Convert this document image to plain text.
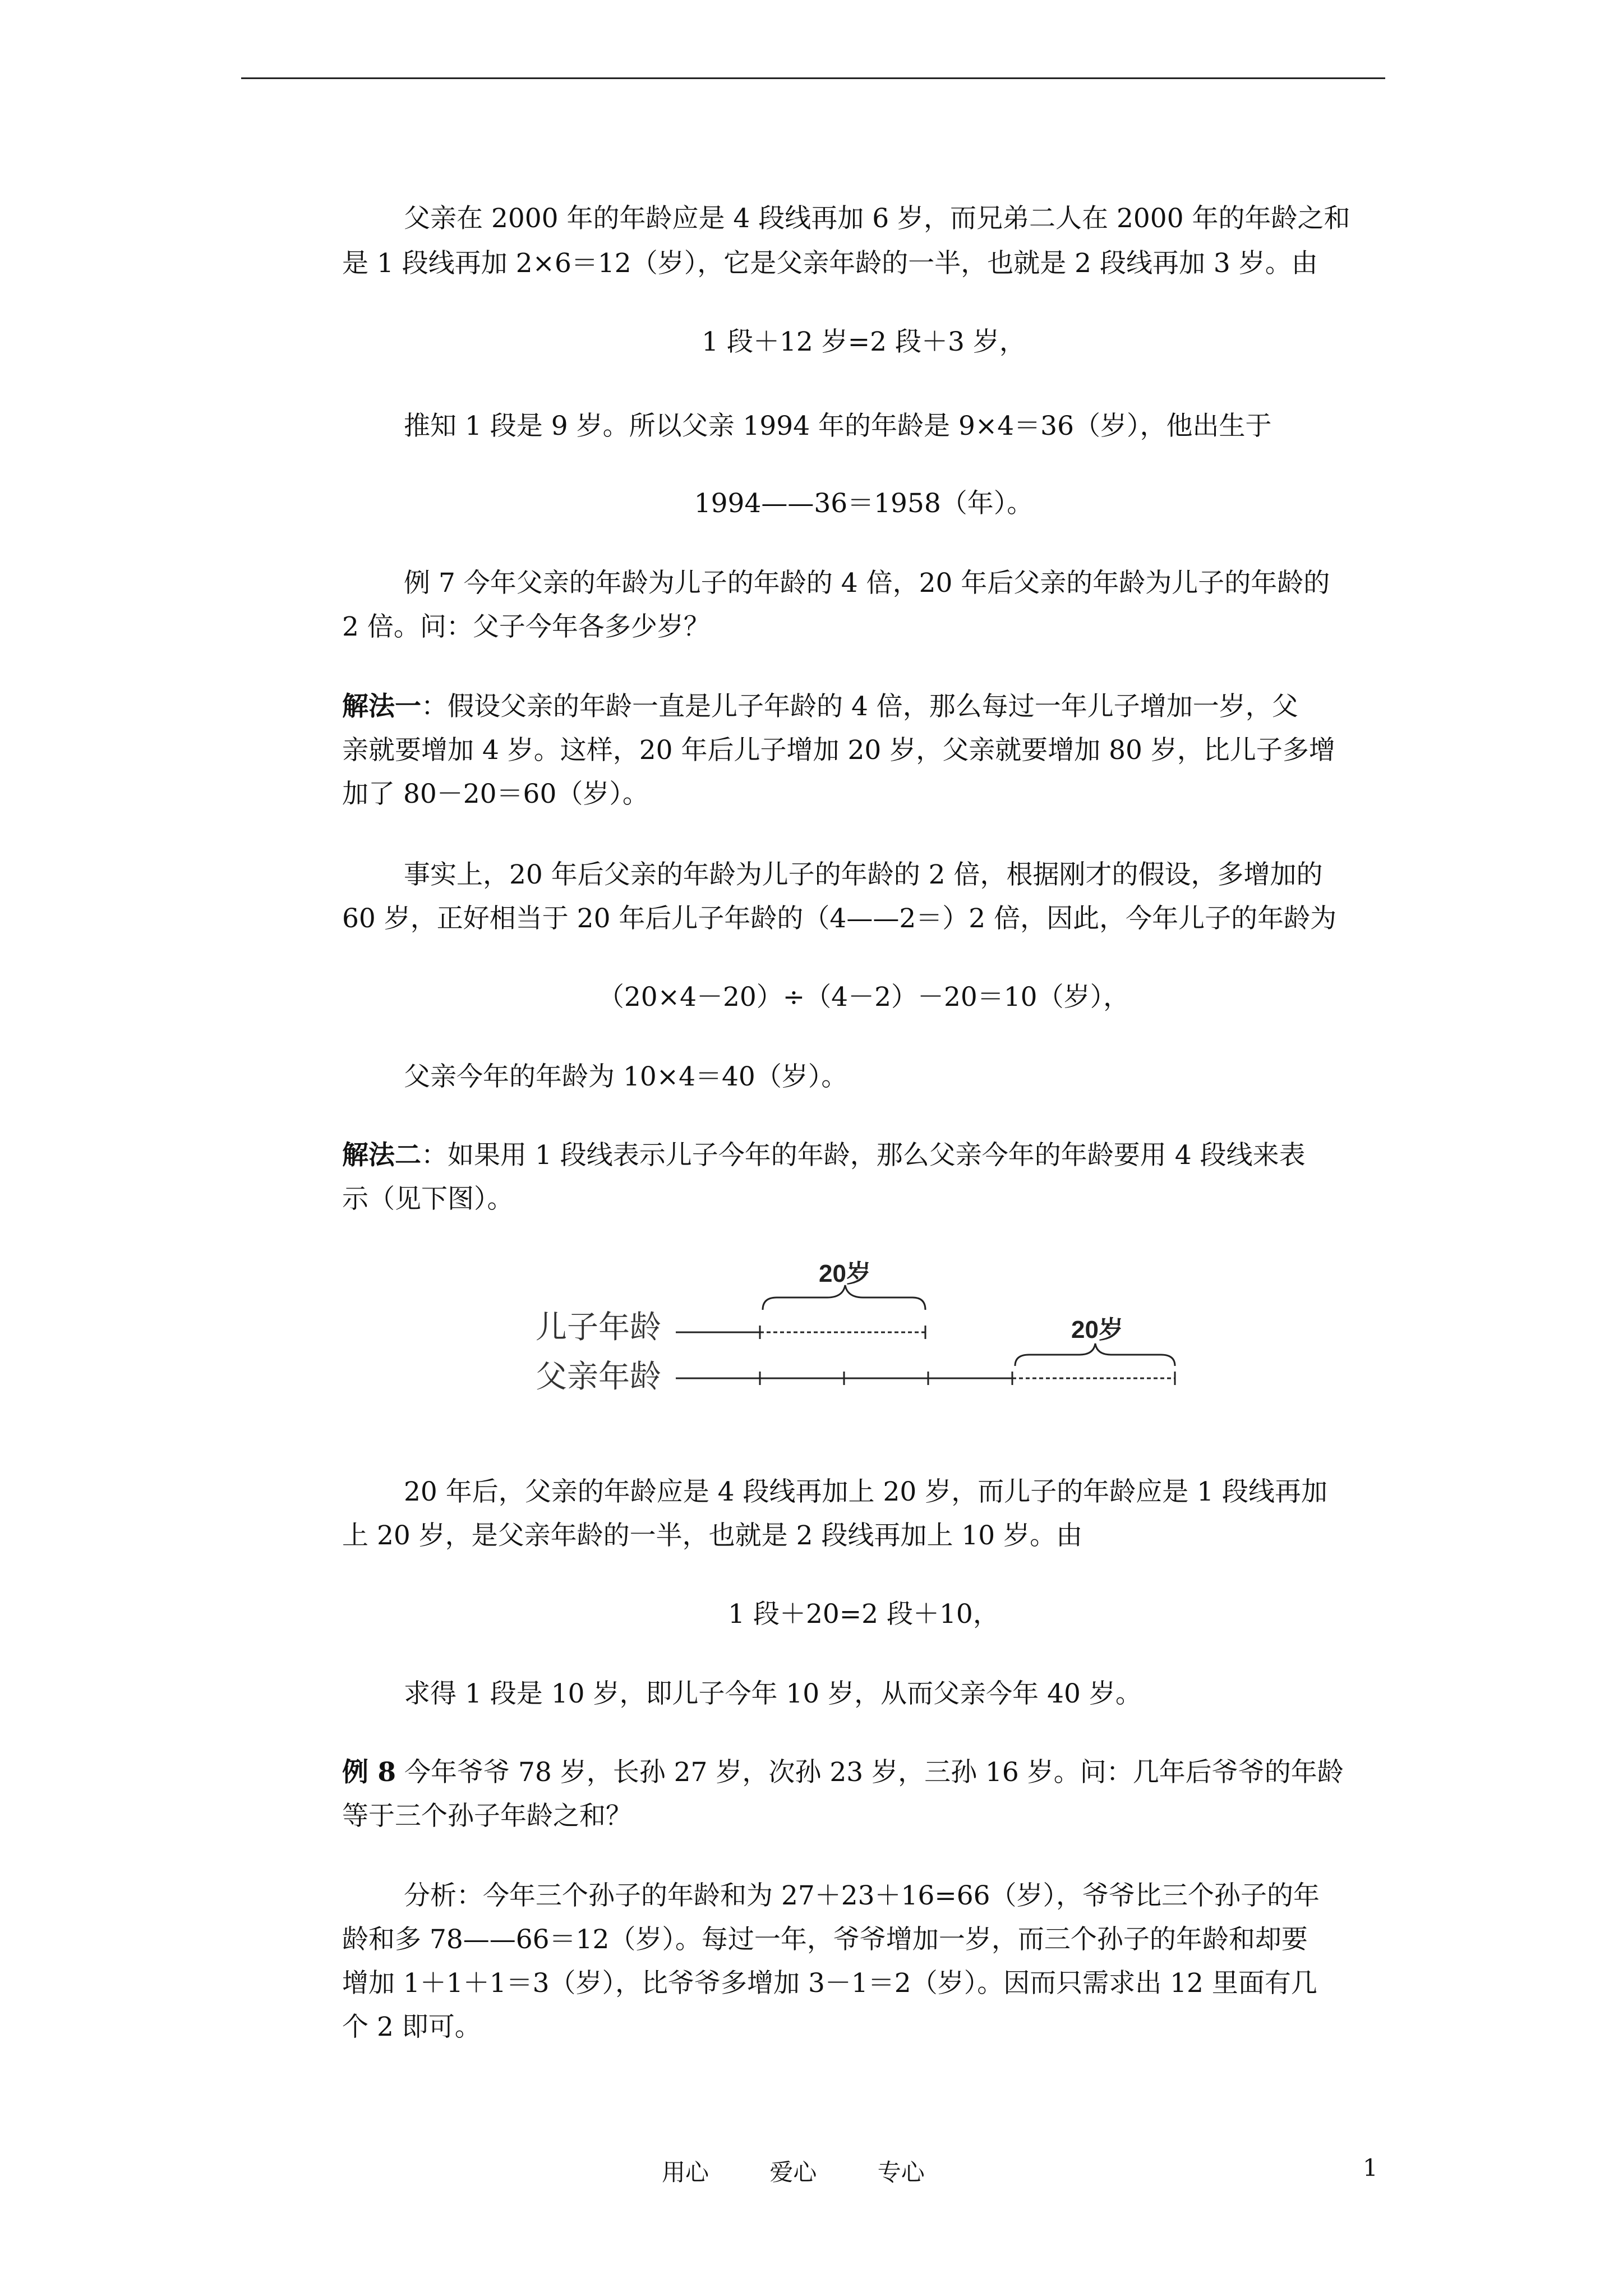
父亲在 2000 年的年龄应是 4 段线再加 6 岁，而兄弟二人在 2000 年的年龄之和

是 1 段线再加 2×6＝12（岁），它是父亲年龄的一半，也就是 2 段线再加 3 岁。由

1 段＋12 岁=2 段＋3 岁，

推知 1 段是 9 岁。所以父亲 1994 年的年龄是 9×4＝36（岁），他出生于

1994——36＝1958（年）。

例 7 今年父亲的年龄为儿子的年龄的 4 倍，20 年后父亲的年龄为儿子的年龄的

2 倍。问：父子今年各多少岁？

解法一：假设父亲的年龄一直是儿子年龄的 4 倍，那么每过一年儿子增加一岁，父

亲就要增加 4 岁。这样，20 年后儿子增加 20 岁，父亲就要增加 80 岁，比儿子多增

加了 80－20＝60（岁）。

事实上，20 年后父亲的年龄为儿子的年龄的 2 倍，根据刚才的假设，多增加的

60 岁，正好相当于 20 年后儿子年龄的（4——2＝）2 倍，因此，今年儿子的年龄为

（20×4－20）÷（4－2）－20＝10（岁），

父亲今年的年龄为 10×4＝40（岁）。

解法二：如果用 1 段线表示儿子今年的年龄，那么父亲今年的年龄要用 4 段线来表

示（见下图）。

儿子年龄
父亲年龄
20岁
20岁

20 年后，父亲的年龄应是 4 段线再加上 20 岁，而儿子的年龄应是 1 段线再加

上 20 岁，是父亲年龄的一半，也就是 2 段线再加上 10 岁。由

1 段＋20=2 段＋10，

求得 1 段是 10 岁，即儿子今年 10 岁，从而父亲今年 40 岁。

例 8 今年爷爷 78 岁，长孙 27 岁，次孙 23 岁，三孙 16 岁。问：几年后爷爷的年龄

等于三个孙子年龄之和？

分析：今年三个孙子的年龄和为 27＋23＋16=66（岁），爷爷比三个孙子的年

龄和多 78——66＝12（岁）。每过一年，爷爷增加一岁，而三个孙子的年龄和却要

增加 1＋1＋1＝3（岁），比爷爷多增加 3－1＝2（岁）。因而只需求出 12 里面有几

个 2 即可。

用心	爱心	专心	1
